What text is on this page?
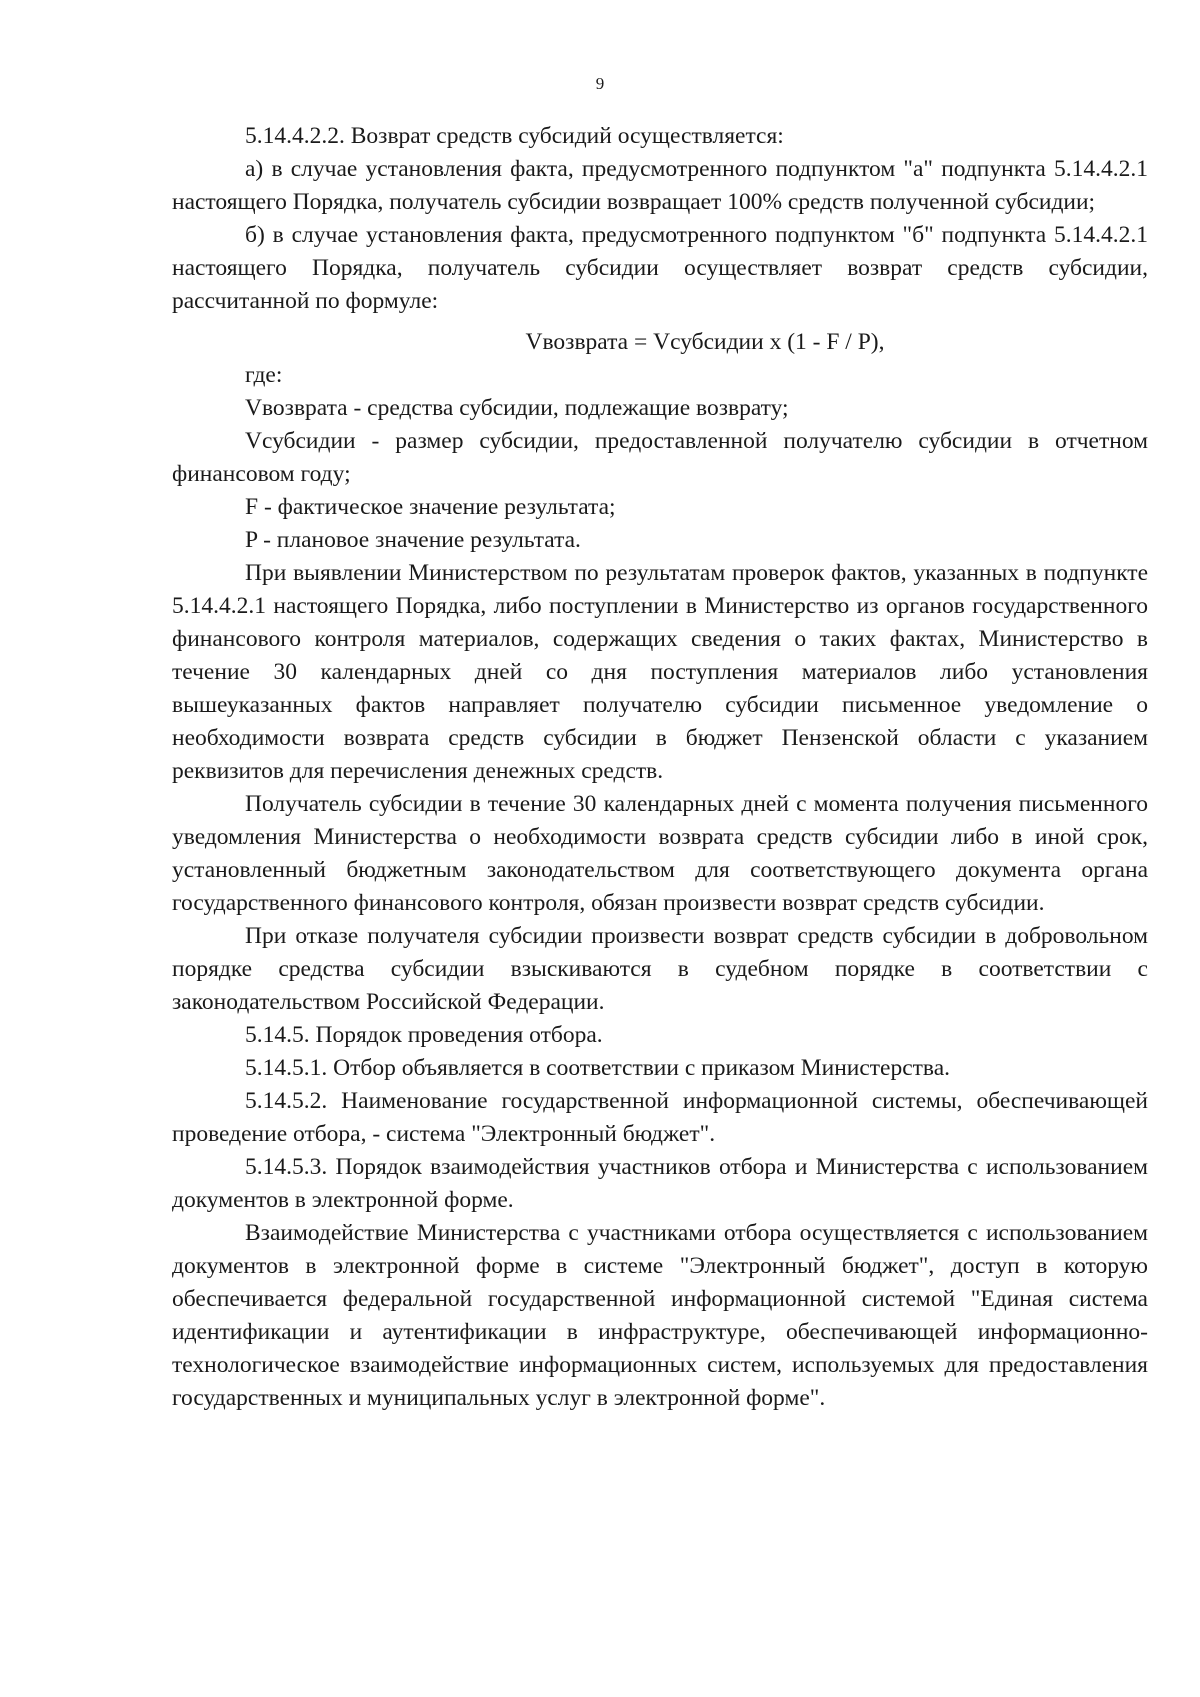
9

5.14.4.2.2. Возврат средств субсидий осуществляется:

а) в случае установления факта, предусмотренного подпунктом "а" подпункта 5.14.4.2.1 настоящего Порядка, получатель субсидии возвращает 100% средств полученной субсидии;

б) в случае установления факта, предусмотренного подпунктом "б" подпункта 5.14.4.2.1 настоящего Порядка, получатель субсидии осуществляет возврат средств субсидии, рассчитанной по формуле:

Vвозврата = Vсубсидии x (1 - F / P),

где:

Vвозврата - средства субсидии, подлежащие возврату;

Vсубсидии - размер субсидии, предоставленной получателю субсидии в отчетном финансовом году;

F - фактическое значение результата;

P - плановое значение результата.

При выявлении Министерством по результатам проверок фактов, указанных в подпункте 5.14.4.2.1 настоящего Порядка, либо поступлении в Министерство из органов государственного финансового контроля материалов, содержащих сведения о таких фактах, Министерство в течение 30 календарных дней со дня поступления материалов либо установления вышеуказанных фактов направляет получателю субсидии письменное уведомление о необходимости возврата средств субсидии в бюджет Пензенской области с указанием реквизитов для перечисления денежных средств.

Получатель субсидии в течение 30 календарных дней с момента получения письменного уведомления Министерства о необходимости возврата средств субсидии либо в иной срок, установленный бюджетным законодательством для соответствующего документа органа государственного финансового контроля, обязан произвести возврат средств субсидии.

При отказе получателя субсидии произвести возврат средств субсидии в добровольном порядке средства субсидии взыскиваются в судебном порядке в соответствии с законодательством Российской Федерации.

5.14.5. Порядок проведения отбора.

5.14.5.1. Отбор объявляется в соответствии с приказом Министерства.

5.14.5.2. Наименование государственной информационной системы, обеспечивающей проведение отбора, - система "Электронный бюджет".

5.14.5.3. Порядок взаимодействия участников отбора и Министерства с использованием документов в электронной форме.

Взаимодействие Министерства с участниками отбора осуществляется с использованием документов в электронной форме в системе "Электронный бюджет", доступ в которую обеспечивается федеральной государственной информационной системой "Единая система идентификации и аутентификации в инфраструктуре, обеспечивающей информационно-технологическое взаимодействие информационных систем, используемых для предоставления государственных и муниципальных услуг в электронной форме".
